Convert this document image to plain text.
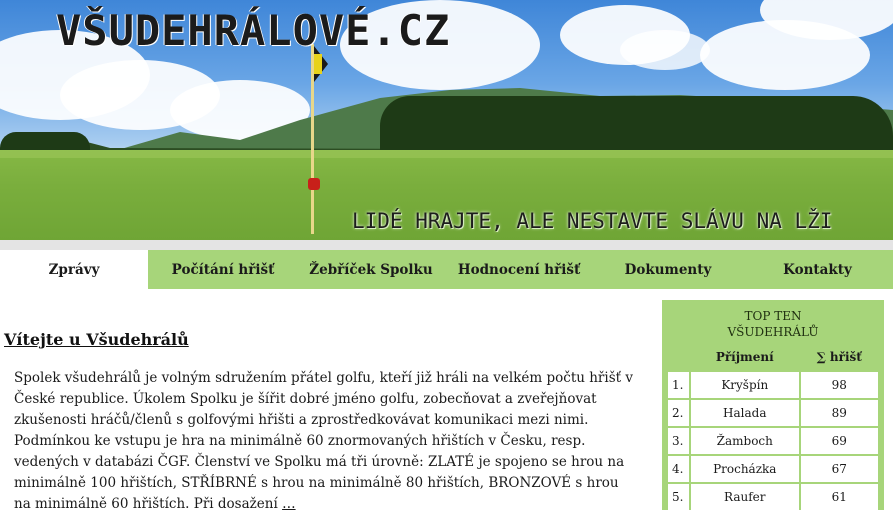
VŠUDEHRÁLOVÉ.CZ
LIDÉ HRAJTE, ALE NESTAVTE SLÁVU NA LŽI
Zprávy	Počítání hřišť	Žebříček Spolku	Hodnocení hřišť	Dokumenty	Kontakty
Vítejte u Všudehrálů
Spolek všudehrálů je volným sdružením přátel golfu, kteří již hráli na velkém počtu hřišť v České republice. Úkolem Spolku je šířit dobré jméno golfu, zobecňovat a zveřejňovat zkušenosti hráčů/členů s golfovými hřišti a zprostředkovávat komunikaci mezi nimi. Podmínkou ke vstupu je hra na minimálně 60 znormovaných hřištích v Česku, resp. vedených v databázi ČGF. Členství ve Spolku má tři úrovně: ZLATÉ je spojeno se hrou na minimálně 100 hřištích, STŘÍBRNÉ s hrou na minimálně 80 hřištích, BRONZOVÉ s hrou na minimálně 60 hřištích. Při dosažení …
TOP TEN
VŠUDEHRÁLŮ
	Příjmení	∑ hřišť
1.	Kryšpín	98
2.	Halada	89
3.	Žamboch	69
4.	Procházka	67
5.	Raufer	61
